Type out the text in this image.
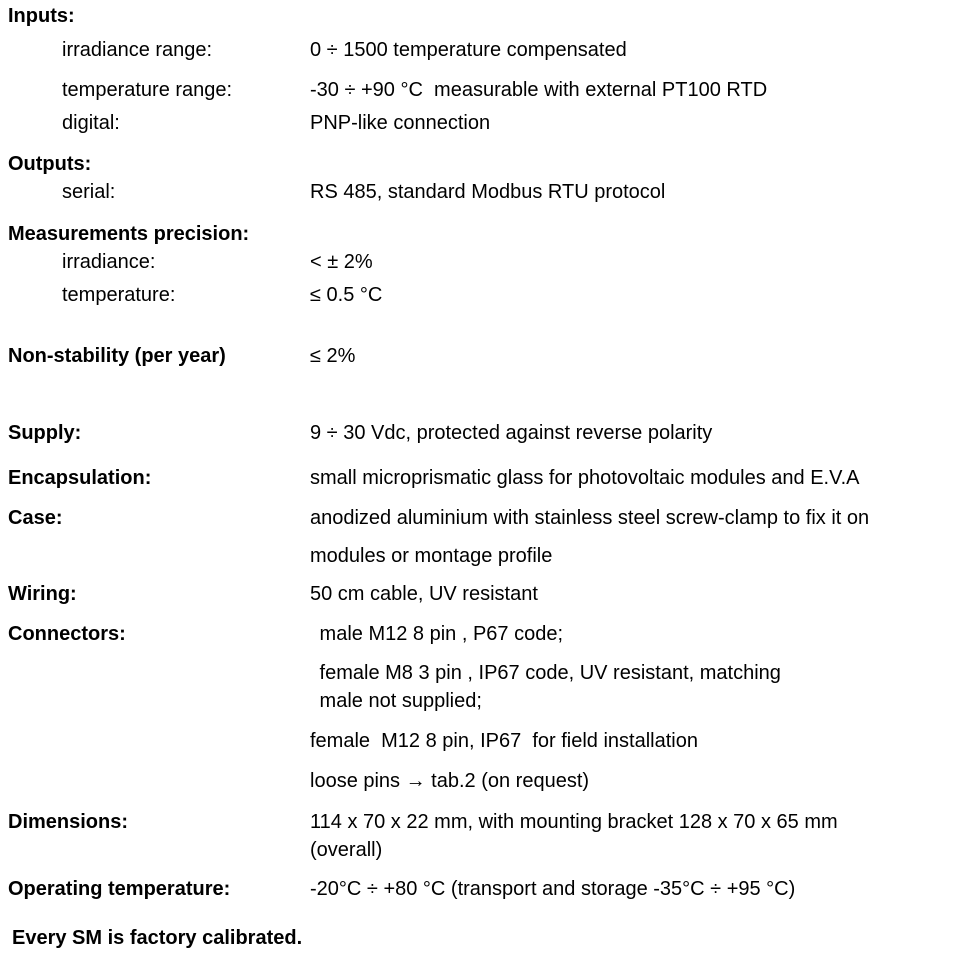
Inputs:
irradiance range:	0 ÷ 1500 temperature compensated
temperature range:	-30 ÷ +90 °C  measurable with external PT100 RTD
digital:	PNP-like connection
Outputs:
serial:	RS 485, standard Modbus RTU protocol
Measurements precision:
irradiance:	< ± 2%
temperature:	≤ 0.5 °C
Non-stability (per year)	≤ 2%
Supply:	9 ÷ 30 Vdc, protected against reverse polarity
Encapsulation:	small microprismatic glass for photovoltaic modules and E.V.A
Case:	anodized aluminium with stainless steel screw-clamp to fix it on
modules or montage profile
Wiring:	50 cm cable, UV resistant
Connectors:	male M12 8 pin , P67 code;
female M8 3 pin , IP67 code, UV resistant, matching
male not supplied;
female  M12 8 pin, IP67  for field installation
loose pins → tab.2 (on request)
Dimensions:	114 x 70 x 22 mm, with mounting bracket 128 x 70 x 65 mm
(overall)
Operating temperature:	-20°C ÷ +80 °C (transport and storage -35°C ÷ +95 °C)
Every SM is factory calibrated.
